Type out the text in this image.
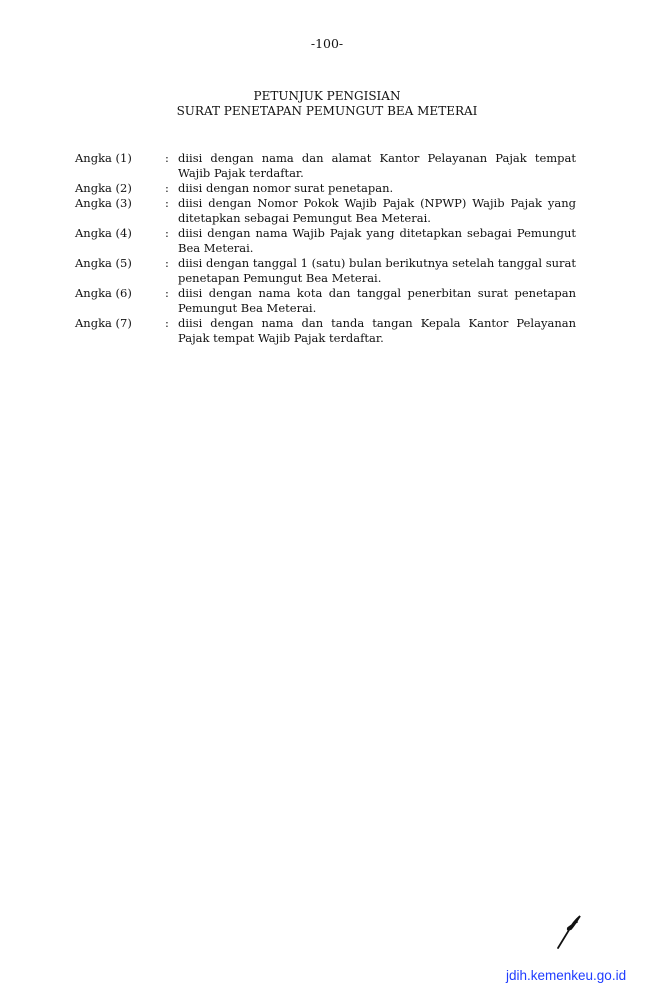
-100-
PETUNJUK PENGISIAN
SURAT PENETAPAN PEMUNGUT BEA METERAI
Angka (1)	: diisi dengan nama dan alamat Kantor Pelayanan Pajak tempat Wajib Pajak terdaftar.
Angka (2)	: diisi dengan nomor surat penetapan.
Angka (3)	: diisi dengan Nomor Pokok Wajib Pajak (NPWP) Wajib Pajak yang ditetapkan sebagai Pemungut Bea Meterai.
Angka (4)	: diisi dengan nama Wajib Pajak yang ditetapkan sebagai Pemungut Bea Meterai.
Angka (5)	: diisi dengan tanggal 1 (satu) bulan berikutnya setelah tanggal surat penetapan Pemungut Bea Meterai.
Angka (6)	: diisi dengan nama kota dan tanggal penerbitan surat penetapan Pemungut Bea Meterai.
Angka (7)	: diisi dengan nama dan tanda tangan Kepala Kantor Pelayanan Pajak tempat Wajib Pajak terdaftar.
jdih.kemenkeu.go.id
